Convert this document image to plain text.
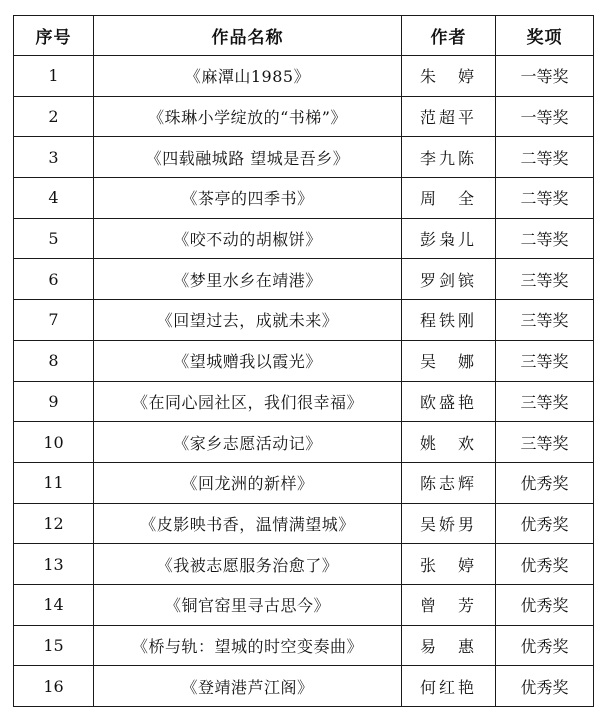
序号	作品名称	作者	奖项
1	《麻潭山1985》	朱　婷	一等奖
2	《珠琳小学绽放的“书梯”》	范超平	一等奖
3	《四载融城路 望城是吾乡》	李九陈	二等奖
4	《茶亭的四季书》	周　全	二等奖
5	《咬不动的胡椒饼》	彭枭儿	二等奖
6	《梦里水乡在靖港》	罗剑镔	三等奖
7	《回望过去，成就未来》	程铁刚	三等奖
8	《望城赠我以霞光》	吴　娜	三等奖
9	《在同心园社区，我们很幸福》	欧盛艳	三等奖
10	《家乡志愿活动记》	姚　欢	三等奖
11	《回龙洲的新样》	陈志辉	优秀奖
12	《皮影映书香，温情满望城》	吴娇男	优秀奖
13	《我被志愿服务治愈了》	张　婷	优秀奖
14	《铜官窑里寻古思今》	曾　芳	优秀奖
15	《桥与轨：望城的时空变奏曲》	易　惠	优秀奖
16	《登靖港芦江阁》	何红艳	优秀奖
